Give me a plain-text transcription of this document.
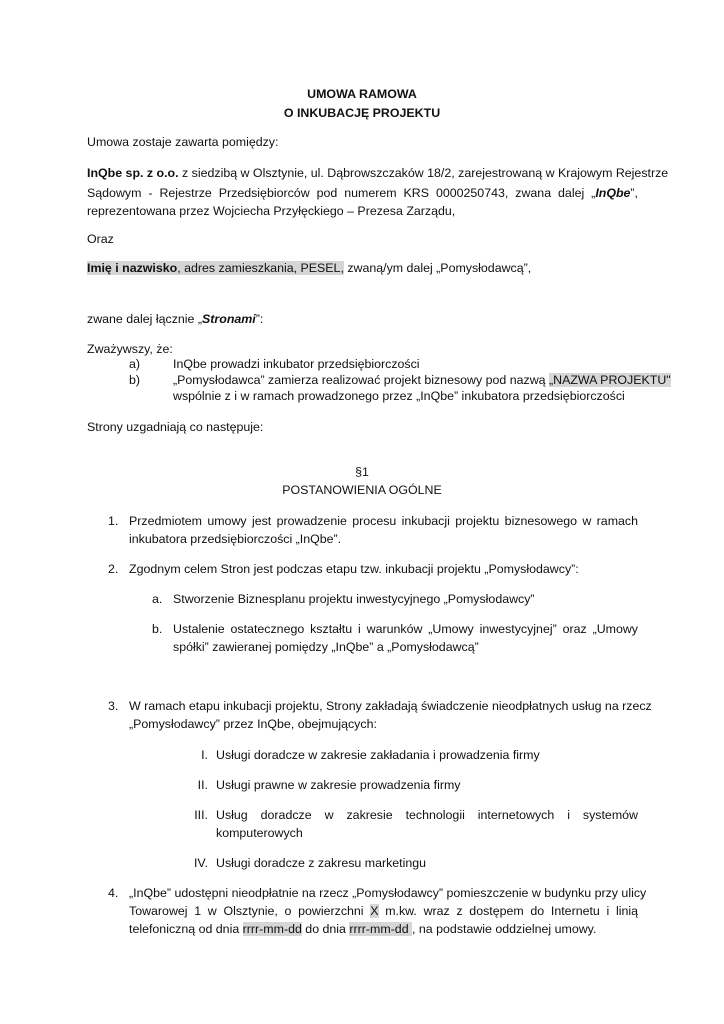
UMOWA RAMOWA
O INKUBACJĘ PROJEKTU
Umowa zostaje zawarta pomiędzy:
InQbe sp. z o.o. z siedzibą w Olsztynie, ul. Dąbrowszczaków 18/2, zarejestrowaną w Krajowym Rejestrze
Sądowym - Rejestrze Przedsiębiorców pod numerem KRS 0000250743, zwana dalej „InQbe”,
reprezentowana przez Wojciecha Przyłęckiego – Prezesa Zarządu,
Oraz
Imię i nazwisko, adres zamieszkania, PESEL, zwaną/ym dalej „Pomysłodawcą”,
zwane dalej łącznie „Stronami”:
Zważywszy, że:
a)	InQbe prowadzi inkubator przedsiębiorczości
b)	„Pomysłodawca” zamierza realizować projekt biznesowy pod nazwą „NAZWA PROJEKTU"
wspólnie z i w ramach prowadzonego przez „InQbe” inkubatora przedsiębiorczości
Strony uzgadniają co następuje:
§1
POSTANOWIENIA OGÓLNE
1. Przedmiotem umowy jest prowadzenie procesu inkubacji projektu biznesowego w ramach
inkubatora przedsiębiorczości „InQbe”.
2. Zgodnym celem Stron jest podczas etapu tzw. inkubacji projektu „Pomysłodawcy”:
a. Stworzenie Biznesplanu projektu inwestycyjnego „Pomysłodawcy”
b. Ustalenie ostatecznego kształtu i warunków „Umowy inwestycyjnej” oraz „Umowy
spółki” zawieranej pomiędzy „InQbe” a „Pomysłodawcą”
3. W ramach etapu inkubacji projektu, Strony zakładają świadczenie nieodpłatnych usług na rzecz
„Pomysłodawcy” przez InQbe, obejmujących:
I. Usługi doradcze w zakresie zakładania i prowadzenia firmy
II. Usługi prawne w zakresie prowadzenia firmy
III. Usług doradcze w zakresie technologii internetowych i systemów
komputerowych
IV. Usługi doradcze z zakresu marketingu
4. „InQbe” udostępni nieodpłatnie na rzecz „Pomysłodawcy” pomieszczenie w budynku przy ulicy
Towarowej 1 w Olsztynie, o powierzchni X m.kw. wraz z dostępem do Internetu i linią
telefoniczną od dnia rrrr-mm-dd do dnia rrrr-mm-dd , na podstawie oddzielnej umowy.
